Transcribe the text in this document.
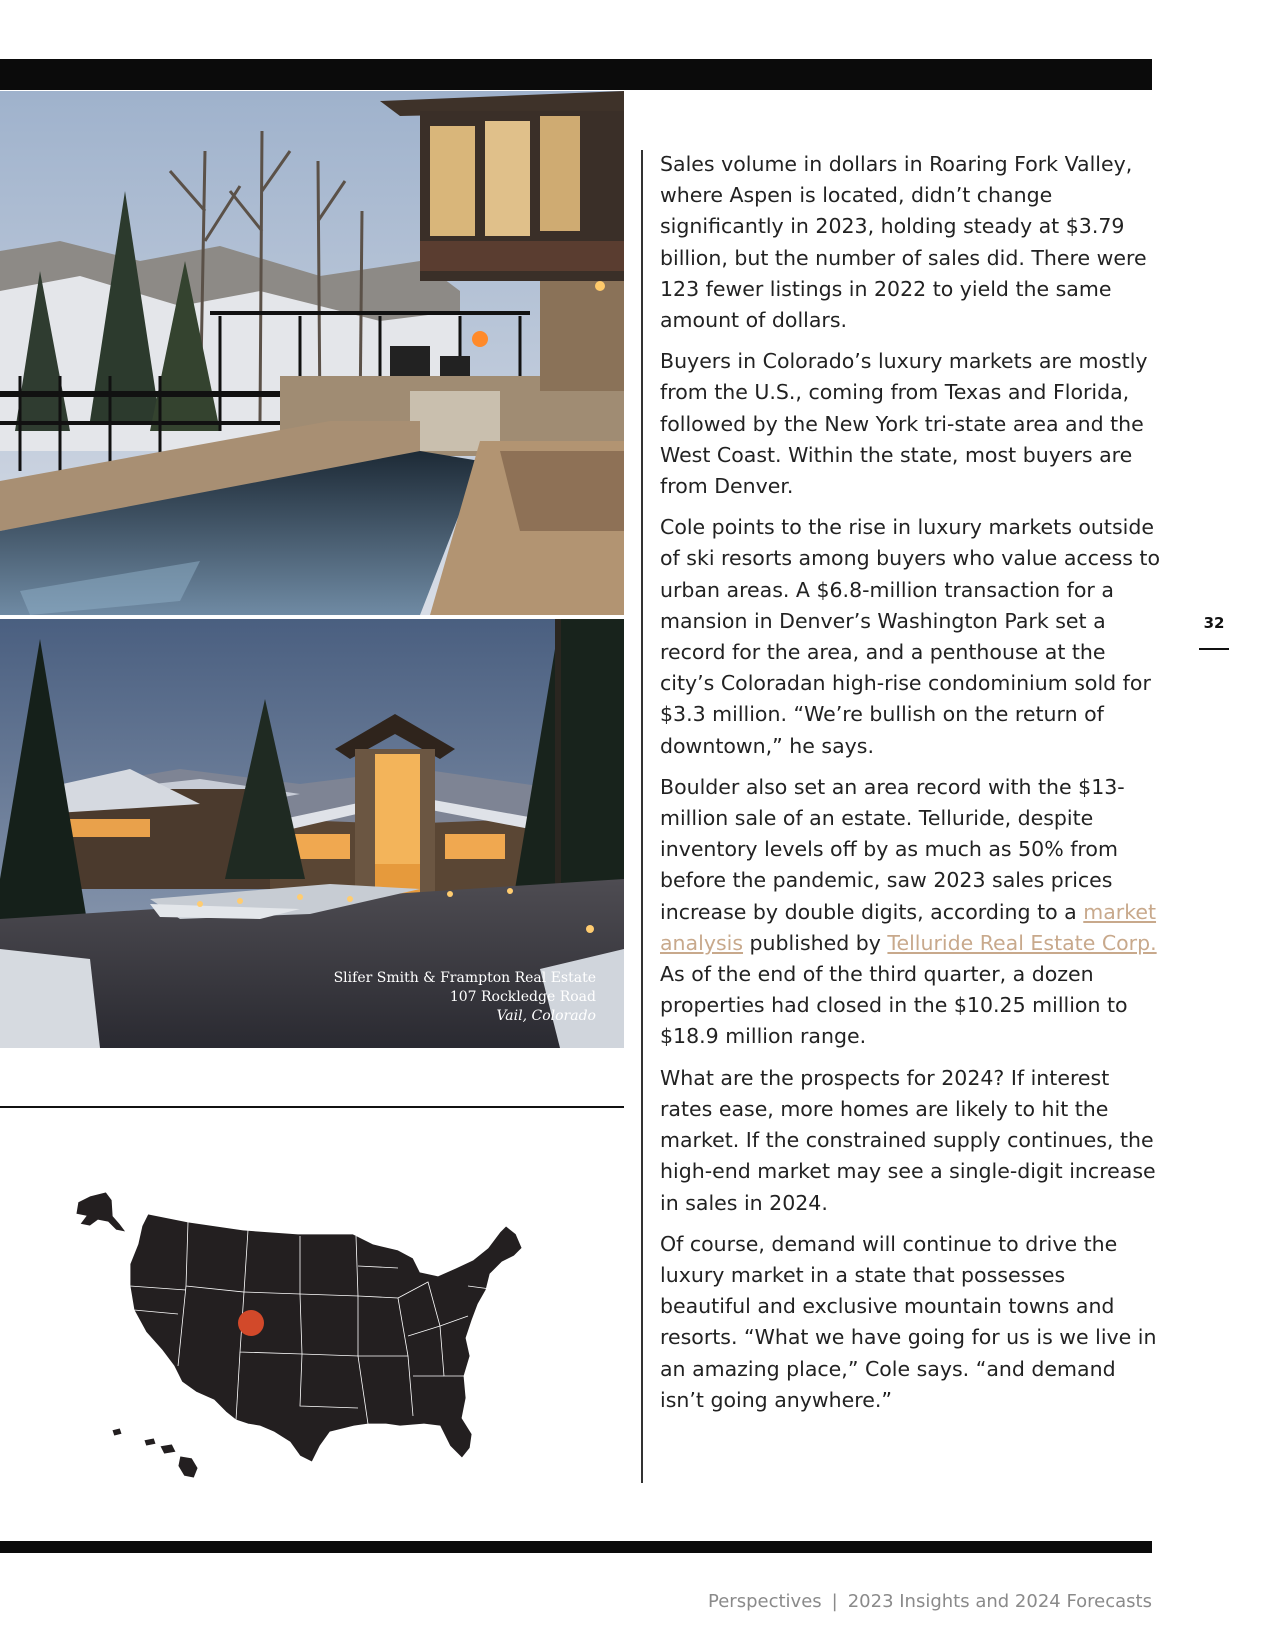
Slifer Smith & Frampton Real Estate
107 Rockledge Road
Vail, Colorado

Sales volume in dollars in Roaring Fork Valley, where Aspen is located, didn’t change significantly in 2023, holding steady at $3.79 billion, but the number of sales did. There were 123 fewer listings in 2022 to yield the same amount of dollars.

Buyers in Colorado’s luxury markets are mostly from the U.S., coming from Texas and Florida, followed by the New York tri-state area and the West Coast. Within the state, most buyers are from Denver.

Cole points to the rise in luxury markets outside of ski resorts among buyers who value access to urban areas. A $6.8-million transaction for a mansion in Denver’s Washington Park set a record for the area, and a penthouse at the city’s Coloradan high-rise condominium sold for $3.3 million. “We’re bullish on the return of downtown,” he says.

Boulder also set an area record with the $13-million sale of an estate. Telluride, despite inventory levels off by as much as 50% from before the pandemic, saw 2023 sales prices increase by double digits, according to a market analysis published by Telluride Real Estate Corp. As of the end of the third quarter, a dozen properties had closed in the $10.25 million to $18.9 million range.

What are the prospects for 2024? If interest rates ease, more homes are likely to hit the market. If the constrained supply continues, the high-end market may see a single-digit increase in sales in 2024.

Of course, demand will continue to drive the luxury market in a state that possesses beautiful and exclusive mountain towns and resorts. “What we have going for us is we live in an amazing place,” Cole says. “and demand isn’t going anywhere.”

32
Perspectives | 2023 Insights and 2024 Forecasts
